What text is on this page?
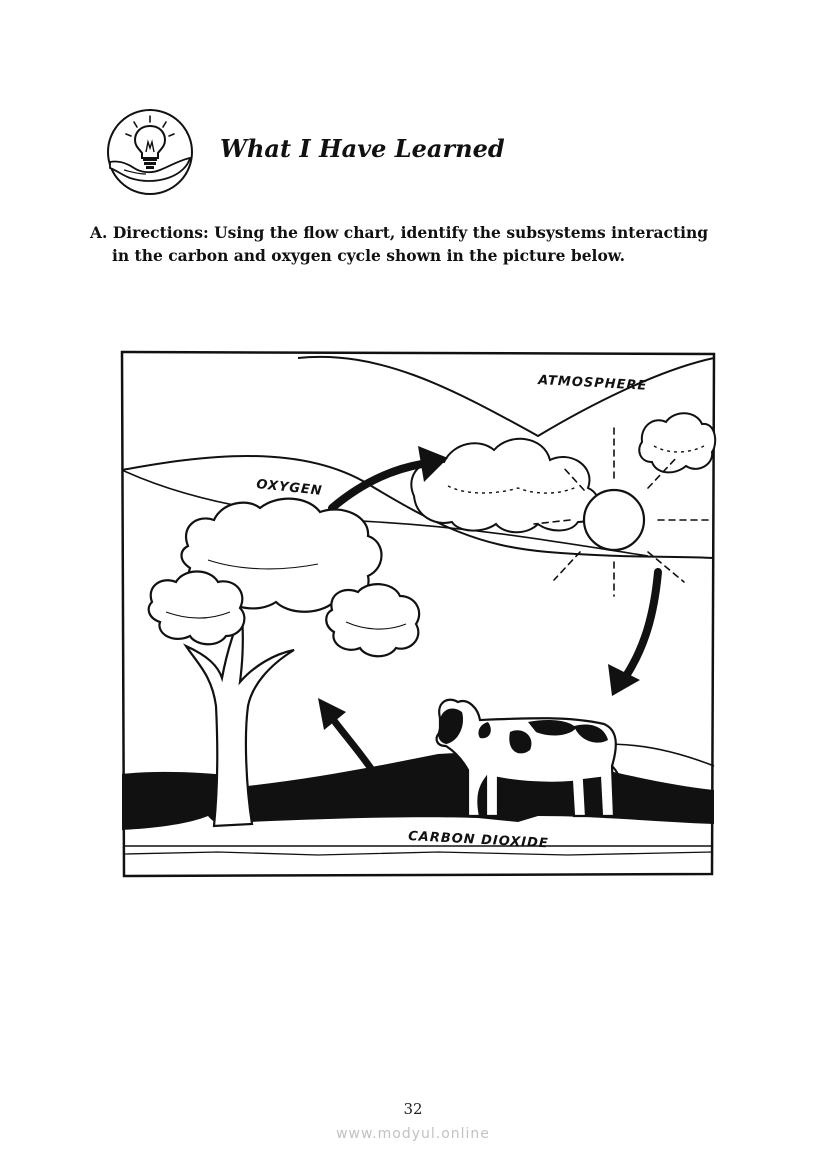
What I Have Learned
A. Directions: Using the flow chart, identify the subsystems interacting
in the carbon and oxygen cycle shown in the picture below.
ATMOSPHERE
OXYGEN
CARBON DIOXIDE
32
www.modyul.online
